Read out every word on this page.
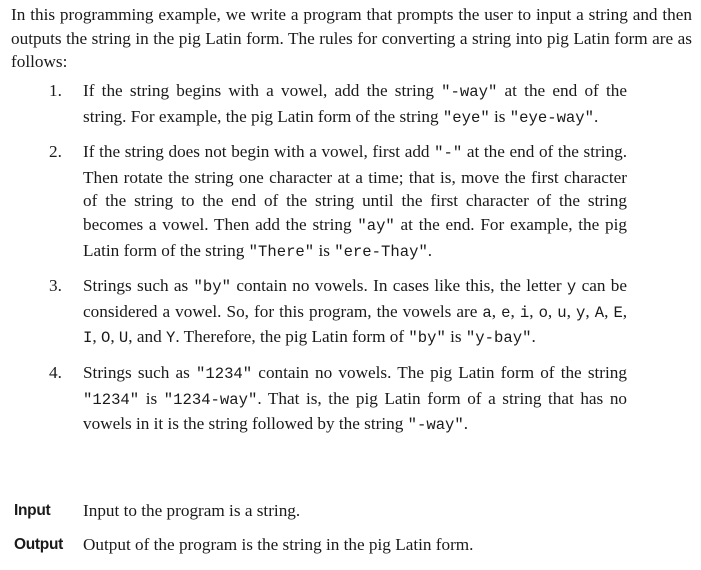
In this programming example, we write a program that prompts the user to input a string and then outputs the string in the pig Latin form. The rules for converting a string into pig Latin form are as follows:

1. If the string begins with a vowel, add the string "-way" at the end of the string. For example, the pig Latin form of the string "eye" is "eye-way".
2. If the string does not begin with a vowel, first add "-" at the end of the string. Then rotate the string one character at a time; that is, move the first character of the string to the end of the string until the first character of the string becomes a vowel. Then add the string "ay" at the end. For example, the pig Latin form of the string "There" is "ere-Thay".
3. Strings such as "by" contain no vowels. In cases like this, the letter y can be considered a vowel. So, for this program, the vowels are a, e, i, o, u, y, A, E, I, O, U, and Y. Therefore, the pig Latin form of "by" is "y-bay".
4. Strings such as "1234" contain no vowels. The pig Latin form of the string "1234" is "1234-way". That is, the pig Latin form of a string that has no vowels in it is the string followed by the string "-way".
Input Input to the program is a string.
Output Output of the program is the string in the pig Latin form.
